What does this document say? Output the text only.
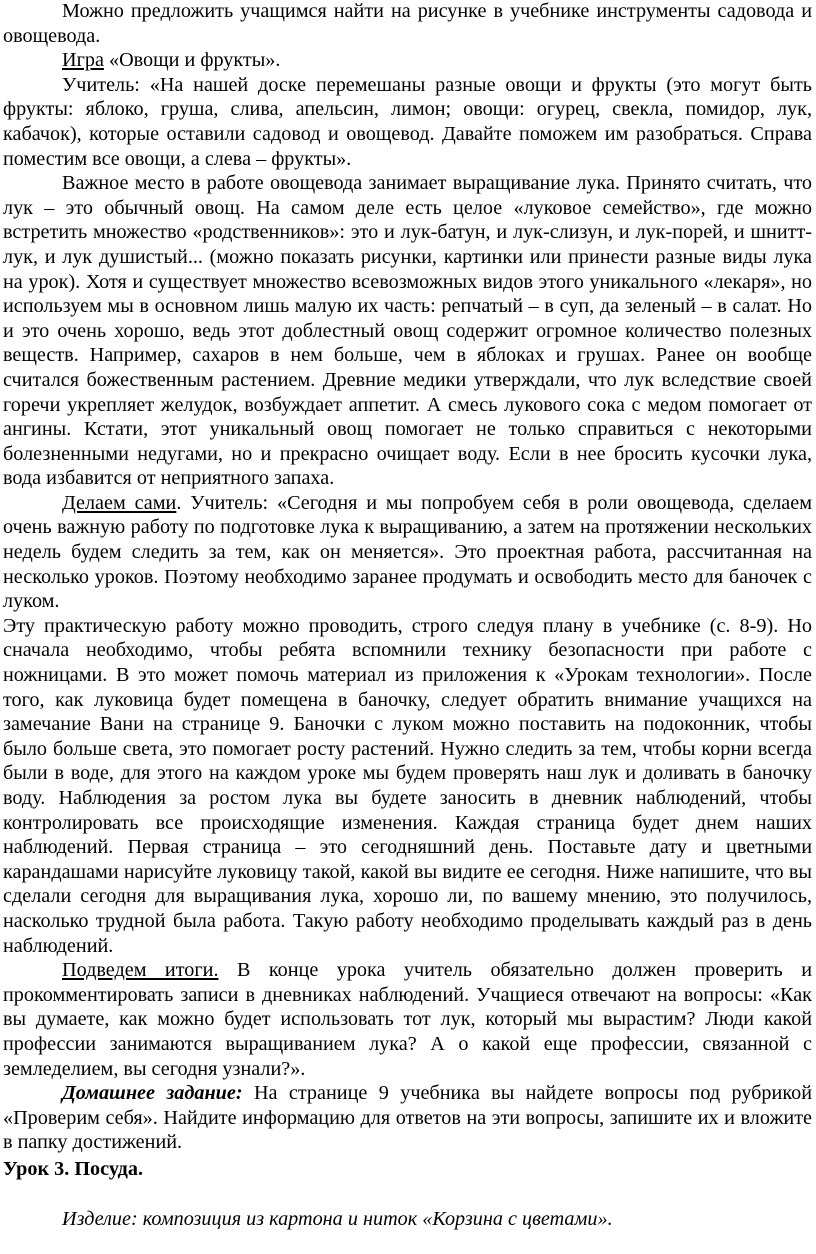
Можно предложить учащимся найти на рисунке в учебнике инструменты садовода и овощевода.

Игра «Овощи и фрукты».

Учитель: «На нашей доске перемешаны разные овощи и фрукты (это могут быть фрукты: яблоко, груша, слива, апельсин, лимон; овощи: огурец, свекла, помидор, лук, кабачок), которые оставили садовод и овощевод. Давайте поможем им разобраться. Справа поместим все овощи, а слева – фрукты».

Важное место в работе овощевода занимает выращивание лука. Принято считать, что лук – это обычный овощ. На самом деле есть целое «луковое семейство», где можно встретить множество «родственников»: это и лук-батун, и лук-слизун, и лук-порей, и шнитт-лук, и лук душистый... (можно показать рисунки, картинки или принести разные виды лука на урок). Хотя и существует множество всевозможных видов этого уникального «лекаря», но используем мы в основном лишь малую их часть: репчатый – в суп, да зеленый – в салат. Но и это очень хорошо, ведь этот доблестный овощ содержит огромное количество полезных веществ. Например, сахаров в нем больше, чем в яблоках и грушах. Ранее он вообще считался божественным растением. Древние медики утверждали, что лук вследствие своей горечи укрепляет желудок, возбуждает аппетит. А смесь лукового сока с медом помогает от ангины. Кстати, этот уникальный овощ помогает не только справиться с некоторыми болезненными недугами, но и прекрасно очищает воду. Если в нее бросить кусочки лука, вода избавится от неприятного запаха.

Делаем сами. Учитель: «Сегодня и мы попробуем себя в роли овощевода, сделаем очень важную работу по подготовке лука к выращиванию, а затем на протяжении нескольких недель будем следить за тем, как он меняется». Это проектная работа, рассчитанная на несколько уроков. Поэтому необходимо заранее продумать и освободить место для баночек с луком.

Эту практическую работу можно проводить, строго следуя плану в учебнике (с. 8-9). Но сначала необходимо, чтобы ребята вспомнили технику безопасности при работе с ножницами. В это может помочь материал из приложения к «Урокам технологии». После того, как луковица будет помещена в баночку, следует обратить внимание учащихся на замечание Вани на странице 9. Баночки с луком можно поставить на подоконник, чтобы было больше света, это помогает росту растений. Нужно следить за тем, чтобы корни всегда были в воде, для этого на каждом уроке мы будем проверять наш лук и доливать в баночку воду. Наблюдения за ростом лука вы будете заносить в дневник наблюдений, чтобы контролировать все происходящие изменения. Каждая страница будет днем наших наблюдений. Первая страница – это сегодняшний день. Поставьте дату и цветными карандашами нарисуйте луковицу такой, какой вы видите ее сегодня. Ниже напишите, что вы сделали сегодня для выращивания лука, хорошо ли, по вашему мнению, это получилось, насколько трудной была работа. Такую работу необходимо проделывать каждый раз в день наблюдений.

Подведем итоги. В конце урока учитель обязательно должен проверить и прокомментировать записи в дневниках наблюдений. Учащиеся отвечают на вопросы: «Как вы думаете, как можно будет использовать тот лук, который мы вырастим? Люди какой профессии занимаются выращиванием лука? А о какой еще профессии, связанной с земледелием, вы сегодня узнали?».

Домашнее задание: На странице 9 учебника вы найдете вопросы под рубрикой «Проверим себя». Найдите информацию для ответов на эти вопросы, запишите их и вложите в папку достижений.

Урок 3. Посуда.
Изделие: композиция из картона и ниток «Корзина с цветами».
